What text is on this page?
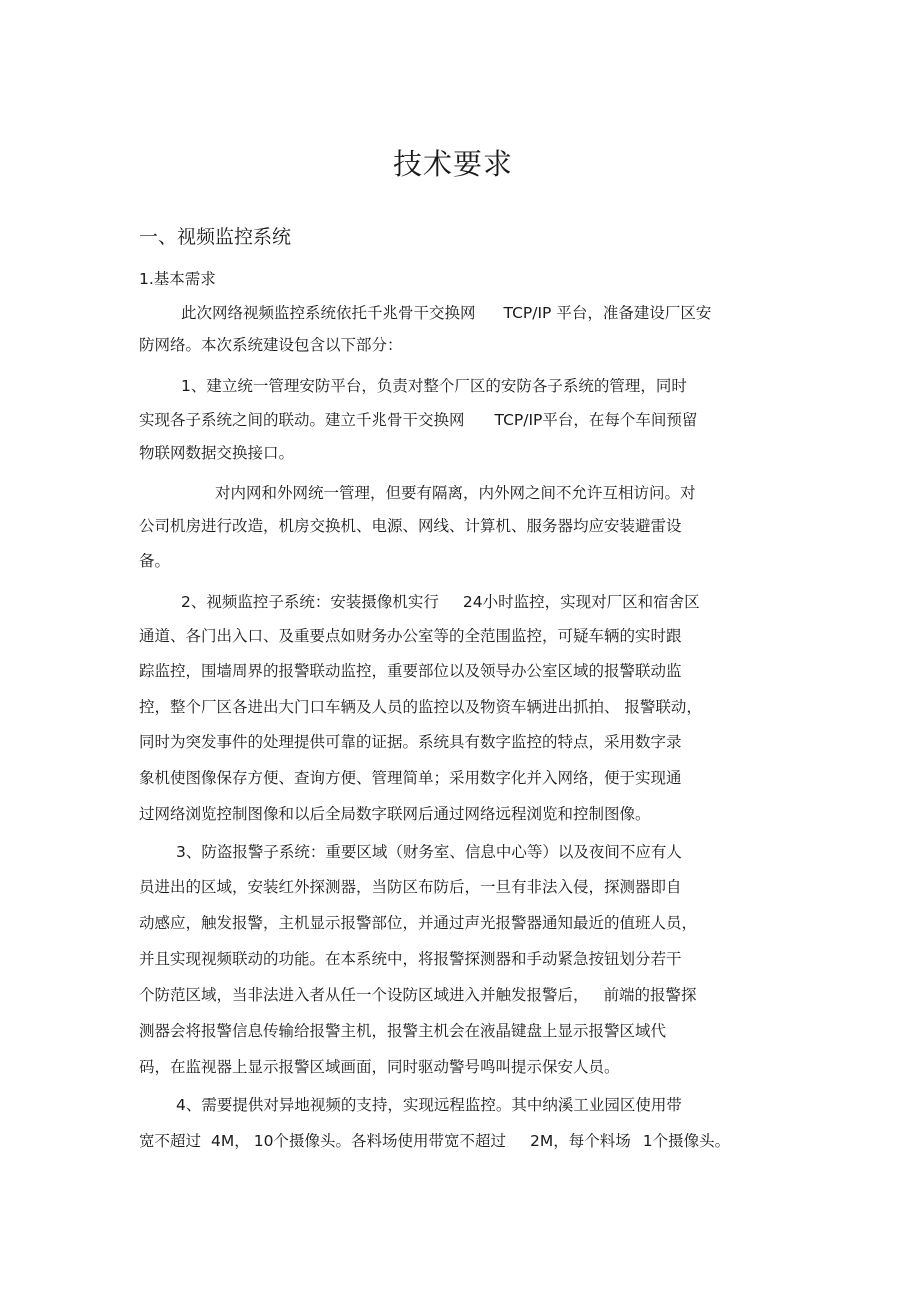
技术要求
一、视频监控系统
1.基本需求
此次网络视频监控系统依托千兆骨干交换网 TCP/IP 平台，准备建设厂区安
防网络。本次系统建设包含以下部分：
1、建立统一管理安防平台，负责对整个厂区的安防各子系统的管理，同时
实现各子系统之间的联动。建立千兆骨干交换网 TCP/IP平台，在每个车间预留
物联网数据交换接口。
对内网和外网统一管理，但要有隔离，内外网之间不允许互相访问。对
公司机房进行改造，机房交换机、电源、网线、计算机、服务器均应安装避雷设
备。
2、视频监控子系统：安装摄像机实行 24小时监控，实现对厂区和宿舍区
通道、各门出入口、及重要点如财务办公室等的全范围监控，可疑车辆的实时跟
踪监控，围墙周界的报警联动监控，重要部位以及领导办公室区域的报警联动监
控，整个厂区各进出大门口车辆及人员的监控以及物资车辆进出抓拍、 报警联动，
同时为突发事件的处理提供可靠的证据。系统具有数字监控的特点，采用数字录
象机使图像保存方便、查询方便、管理简单；采用数字化并入网络，便于实现通
过网络浏览控制图像和以后全局数字联网后通过网络远程浏览和控制图像。
3、防盗报警子系统：重要区域（财务室、信息中心等）以及夜间不应有人
员进出的区域，安装红外探测器，当防区布防后，一旦有非法入侵，探测器即自
动感应，触发报警，主机显示报警部位，并通过声光报警器通知最近的值班人员，
并且实现视频联动的功能。在本系统中，将报警探测器和手动紧急按钮划分若干
个防范区域，当非法进入者从任一个设防区域进入并触发报警后， 前端的报警探
测器会将报警信息传输给报警主机，报警主机会在液晶键盘上显示报警区域代
码，在监视器上显示报警区域画面，同时驱动警号鸣叫提示保安人员。
4、需要提供对异地视频的支持，实现远程监控。其中纳溪工业园区使用带
宽不超过 4M， 10个摄像头。各料场使用带宽不超过 2M，每个料场 1个摄像头。
